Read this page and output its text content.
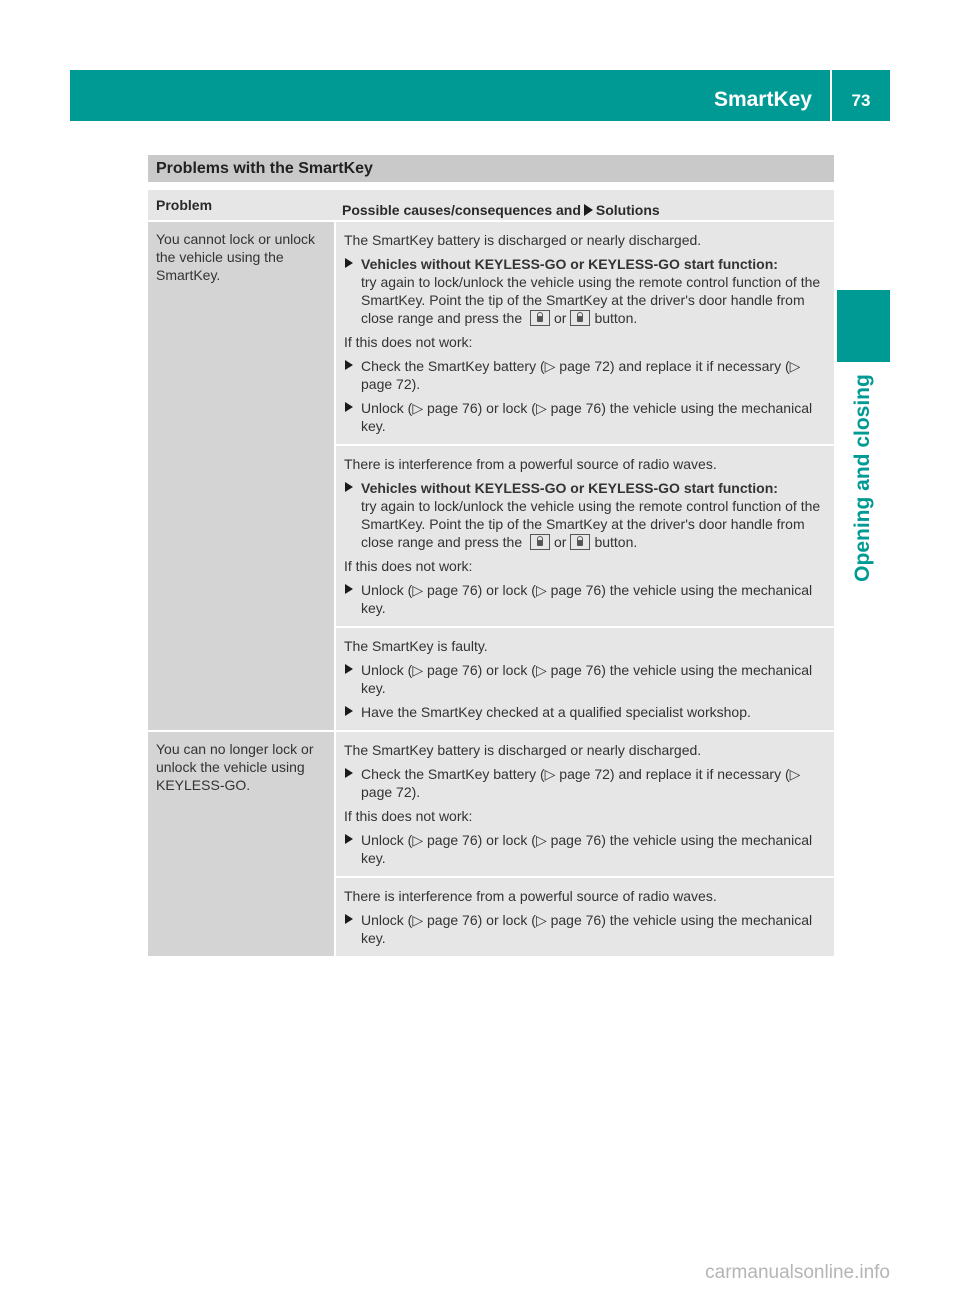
SmartKey	73
Opening and closing
Problems with the SmartKey
Problem	Possible causes/consequences and Solutions
You cannot lock or unlock the vehicle using the SmartKey.

The SmartKey battery is discharged or nearly discharged.

Vehicles without KEYLESS-GO or KEYLESS-GO start function:
try again to lock/unlock the vehicle using the remote control function of the SmartKey. Point the tip of the SmartKey at the driver's door handle from close range and press the or button.

If this does not work:

Check the SmartKey battery (▷ page 72) and replace it if necessary (▷ page 72).
Unlock (▷ page 76) or lock (▷ page 76) the vehicle using the mechanical key.

There is interference from a powerful source of radio waves.

Vehicles without KEYLESS-GO or KEYLESS-GO start function:
try again to lock/unlock the vehicle using the remote control function of the SmartKey. Point the tip of the SmartKey at the driver's door handle from close range and press the or button.

If this does not work:

Unlock (▷ page 76) or lock (▷ page 76) the vehicle using the mechanical key.

The SmartKey is faulty.

Unlock (▷ page 76) or lock (▷ page 76) the vehicle using the mechanical key.
Have the SmartKey checked at a qualified specialist workshop.
You can no longer lock or unlock the vehicle using KEYLESS-GO.

The SmartKey battery is discharged or nearly discharged.

Check the SmartKey battery (▷ page 72) and replace it if necessary (▷ page 72).

If this does not work:

Unlock (▷ page 76) or lock (▷ page 76) the vehicle using the mechanical key.

There is interference from a powerful source of radio waves.

Unlock (▷ page 76) or lock (▷ page 76) the vehicle using the mechanical key.
carmanualsonline.info
